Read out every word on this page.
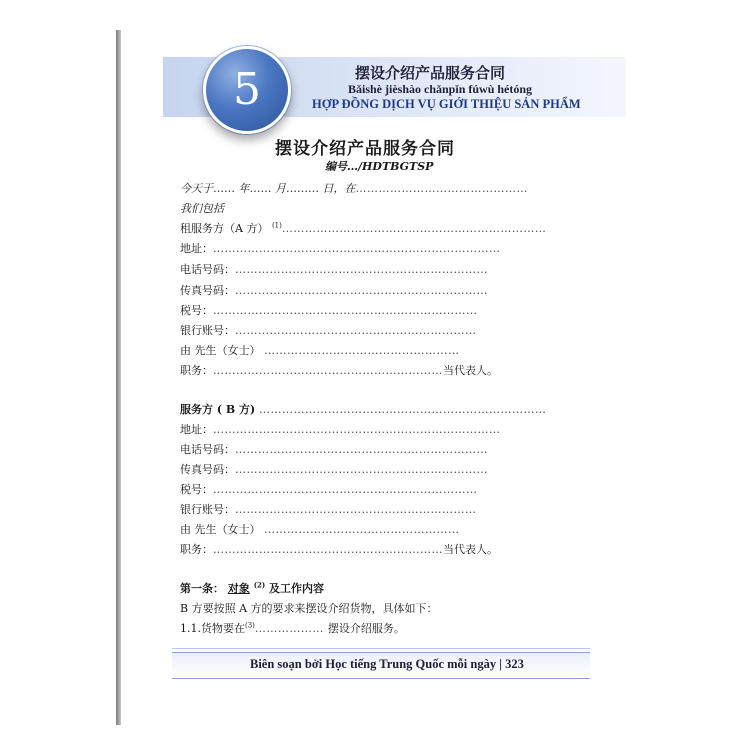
5	摆设介绍产品服务合同
Bǎishè jièshào chǎnpǐn fúwù hétóng
HỢP ĐỒNG DỊCH VỤ GIỚI THIỆU SẢN PHẨM
摆设介绍产品服务合同
编号…/HDTBGTSP
今天于…… 年…… 月……… 日，在………………………………………
我们包括
租服务方（A 方） $^{(1)}$……………………………………………………………
地址：…………………………………………………………………
电话号码：…………………………………………………………
传真号码：…………………………………………………………
税号：……………………………………………………………
银行账号：………………………………………………………
由 先生（女士） ……………………………………………
职务：……………………………………………………当代表人。
服务方 ( B 方) …………………………………………………………………
地址：…………………………………………………………………
电话号码：…………………………………………………………
传真号码：…………………………………………………………
税号：……………………………………………………………
银行账号：………………………………………………………
由 先生（女士） ……………………………………………
职务：……………………………………………………当代表人。
第一条： 对象 $^{(2)}$ 及工作内容
B 方要按照 A 方的要求来摆设介绍货物，具体如下：
1.1.货物要在$^{(3)}$……………… 摆设介绍服务。
Biên soạn bởi Học tiếng Trung Quốc mỗi ngày | 323
